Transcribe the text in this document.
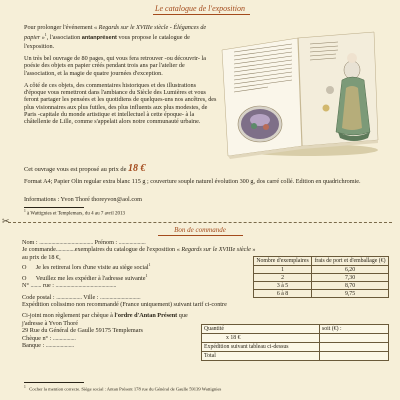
Le catalogue de l'exposition

Pour prolonger l'événement « Regards sur le XVIIIe siècle - Élégances de papier »$^1$, l'association antanprésent vous propose le catalogue de l'exposition.

Un très bel ouvrage de 80 pages, qui vous fera retrouver -ou découvrir- la poésie des objets en papier créés pendant trois ans par l'atelier de l'association, et la magie de quatre journées d'exception.

A côté de ces objets, des commentaires historiques et des illustrations d'époque vous remettront dans l'ambiance du Siècle des Lumières et vous feront partager les pensées et les quotidiens de quelques-uns nos ancêtres, des plus visionnaires aux plus futiles, des plus influents aux plus modestes, de Paris -capitale du monde artistique et intellectuel à cette époque- à la châtellenie de Lille, comme s'appelait alors notre communauté urbaine.

Cet ouvrage vous est proposé au prix de 18 €
Format A4; Papier Olin regular extra blanc 115 g ; couverture souple naturel évolution 300 g, dos carré collé. Edition en quadrichromie.
Informations : Yvon Thoré thoreyvon@aol.com
$^1$ à Wattignies et Templemars, du 4 au 7 avril 2013
✂
Bon de commande
Nom : ........................................ Prénom : ....................
Je commande..............exemplaires du catalogue de l'exposition « Regards sur le XVIIIe siècle »
au prix de 18 €,
O Je les retirerai lors d'une visite au siège social$^1$
O Veuillez me les expédier à l'adresse suivante$^1$
N° ........ rue : .............................................
Code postal : ................... Ville : ..............................
Expédition colissimo non recommandé (France uniquement) suivant tarif ci-contre
Ci-joint mon règlement par chèque à l'ordre d'Antan Présent que j'adresse à Yvon Thoré
29 Rue du Général de Gaulle 59175 Templemars
Chèque n° : .................
Banque : .....................
Nombre d'exemplaires	frais de port et d'emballage (€)
1	6,20
2	7,30
3 à 5	8,70
6 à 8	9,75
Quantité	soit (€) :
x 18 €	
Expédition suivant tableau ci-dessus	
Total	
$^1$ Cocher la mention correcte. Siège social : Antan Présent 178 rue du Général de Gaulle 59139 Wattignies
